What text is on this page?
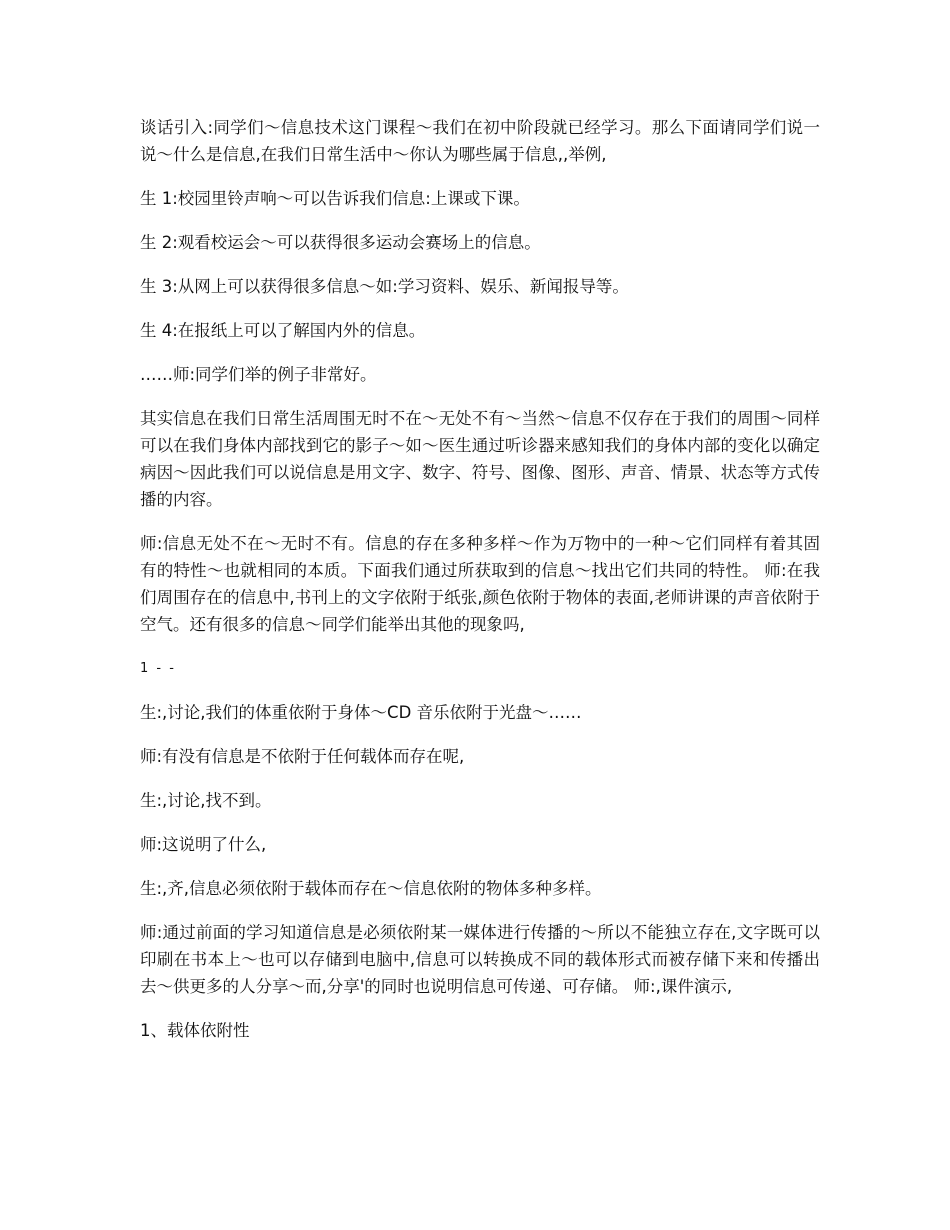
谈话引入:同学们～信息技术这门课程～我们在初中阶段就已经学习。那么下面请同学们说一说～什么是信息,在我们日常生活中～你认为哪些属于信息,,举例,

生 1:校园里铃声响～可以告诉我们信息:上课或下课。

生 2:观看校运会～可以获得很多运动会赛场上的信息。

生 3:从网上可以获得很多信息～如:学习资料、娱乐、新闻报导等。

生 4:在报纸上可以了解国内外的信息。

……师:同学们举的例子非常好。

其实信息在我们日常生活周围无时不在～无处不有～当然～信息不仅存在于我们的周围～同样可以在我们身体内部找到它的影子～如～医生通过听诊器来感知我们的身体内部的变化以确定病因～因此我们可以说信息是用文字、数字、符号、图像、图形、声音、情景、状态等方式传播的内容。

师:信息无处不在～无时不有。信息的存在多种多样～作为万物中的一种～它们同样有着其固有的特性～也就相同的本质。下面我们通过所获取到的信息～找出它们共同的特性。 师:在我们周围存在的信息中,书刊上的文字依附于纸张,颜色依附于物体的表面,老师讲课的声音依附于空气。还有很多的信息～同学们能举出其他的现象吗,

1 - -

生:,讨论,我们的体重依附于身体～CD 音乐依附于光盘～……

师:有没有信息是不依附于任何载体而存在呢,

生:,讨论,找不到。

师:这说明了什么,

生:,齐,信息必须依附于载体而存在～信息依附的物体多种多样。

师:通过前面的学习知道信息是必须依附某一媒体进行传播的～所以不能独立存在,文字既可以印刷在书本上～也可以存储到电脑中,信息可以转换成不同的载体形式而被存储下来和传播出去～供更多的人分享～而,分享'的同时也说明信息可传递、可存储。 师:,课件演示,

1、载体依附性
